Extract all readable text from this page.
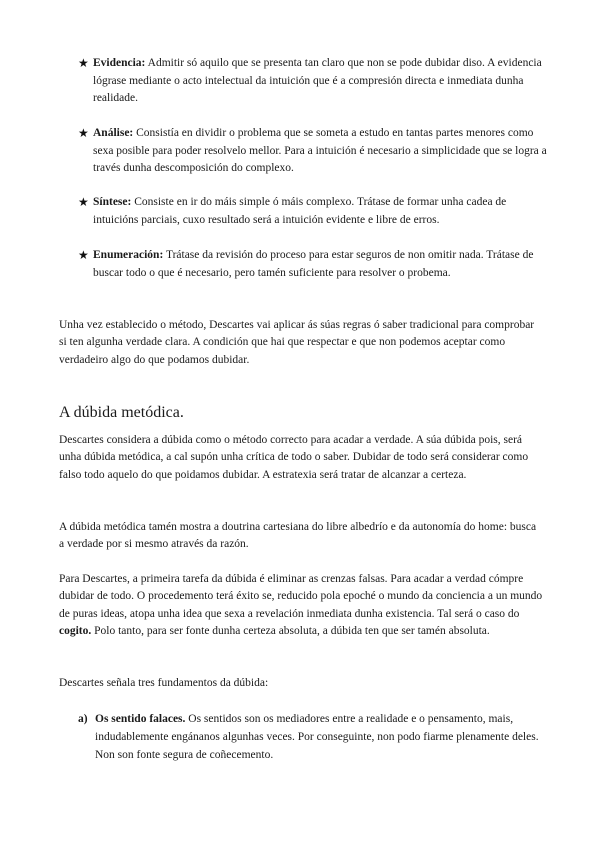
★ Evidencia: Admitir só aquilo que se presenta tan claro que non se pode dubidar diso. A evidencia lógrase mediante o acto intelectual da intuición que é a compresión directa e inmediata dunha realidade.
★ Análise: Consistía en dividir o problema que se someta a estudo en tantas partes menores como sexa posible para poder resolvelo mellor. Para a intuición é necesario a simplicidade que se logra a través dunha descomposición do complexo.
★ Síntese: Consiste en ir do máis simple ó máis complexo. Trátase de formar unha cadea de intuicións parciais, cuxo resultado será a intuición evidente e libre de erros.
★ Enumeración: Trátase da revisión do proceso para estar seguros de non omitir nada. Trátase de buscar todo o que é necesario, pero tamén suficiente para resolver o probema.

Unha vez establecido o método, Descartes vai aplicar ás súas regras ó saber tradicional para comprobar si ten algunha verdade clara. A condición que hai que respectar e que non podemos aceptar como verdadeiro algo do que podamos dubidar.

A dúbida metódica.

Descartes considera a dúbida como o método correcto para acadar a verdade. A súa dúbida pois, será unha dúbida metódica, a cal supón unha crítica de todo o saber. Dubidar de todo será considerar como falso todo aquelo do que poidamos dubidar. A estratexia será tratar de alcanzar a certeza.

A dúbida metódica tamén mostra a doutrina cartesiana do libre albedrío e da autonomía do home: busca a verdade por si mesmo através da razón.

Para Descartes, a primeira tarefa da dúbida é eliminar as crenzas falsas. Para acadar a verdad cómpre dubidar de todo. O procedemento terá éxito se, reducido pola epoché o mundo da conciencia a un mundo de puras ideas, atopa unha idea que sexa a revelación inmediata dunha existencia. Tal será o caso do cogito. Polo tanto, para ser fonte dunha certeza absoluta, a dúbida ten que ser tamén absoluta.

Descartes señala tres fundamentos da dúbida:

a) Os sentido falaces. Os sentidos son os mediadores entre a realidade e o pensamento, mais, indudablemente engánanos algunhas veces. Por conseguinte, non podo fiarme plenamente deles. Non son fonte segura de coñecemento.
